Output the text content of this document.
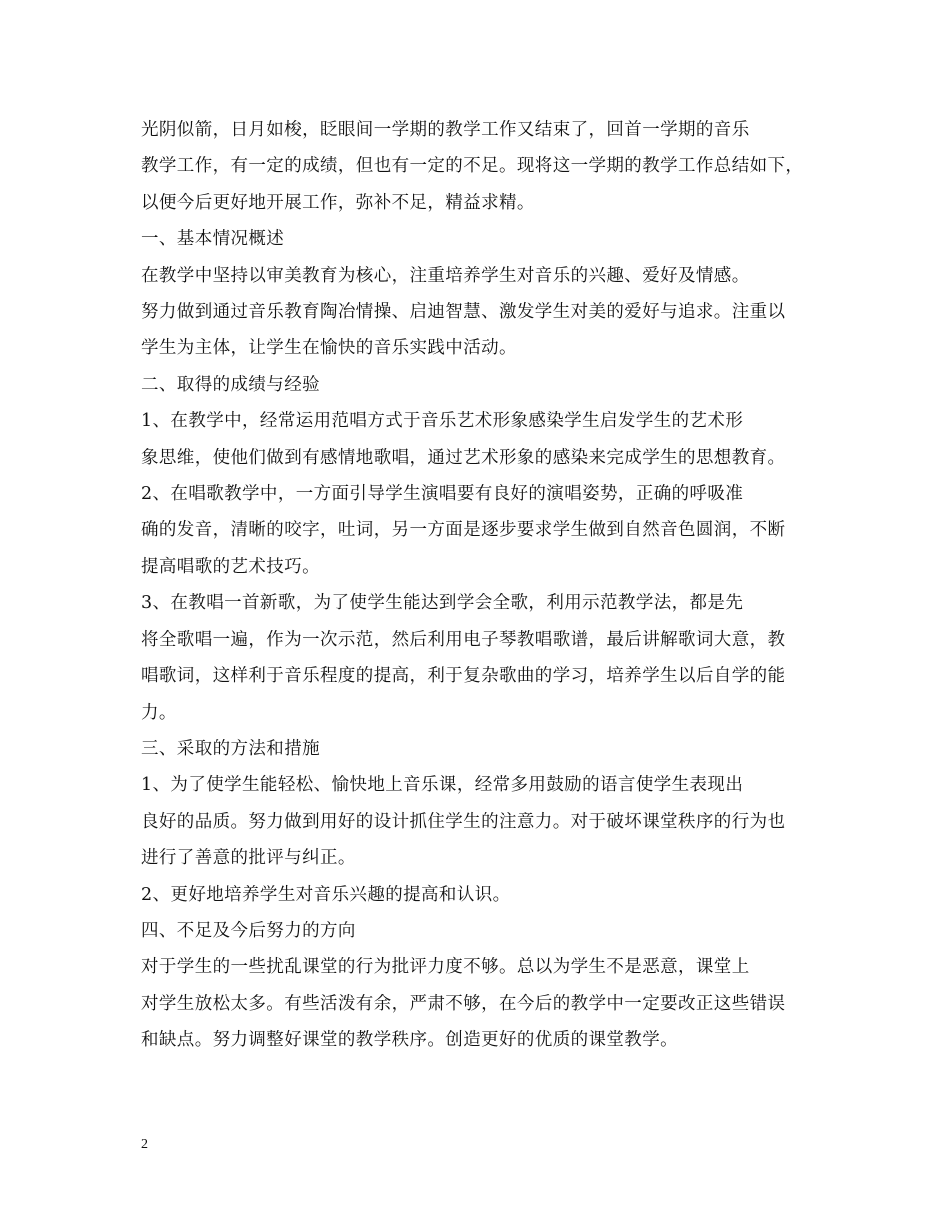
光阴似箭，日月如梭，眨眼间一学期的教学工作又结束了，回首一学期的音乐
教学工作，有一定的成绩，但也有一定的不足。现将这一学期的教学工作总结如下，
以便今后更好地开展工作，弥补不足，精益求精。

一、基本情况概述

在教学中坚持以审美教育为核心，注重培养学生对音乐的兴趣、爱好及情感。
努力做到通过音乐教育陶冶情操、启迪智慧、激发学生对美的爱好与追求。注重以
学生为主体，让学生在愉快的音乐实践中活动。

二、取得的成绩与经验

1、在教学中，经常运用范唱方式于音乐艺术形象感染学生启发学生的艺术形
象思维，使他们做到有感情地歌唱，通过艺术形象的感染来完成学生的思想教育。

2、在唱歌教学中，一方面引导学生演唱要有良好的演唱姿势，正确的呼吸准
确的发音，清晰的咬字，吐词，另一方面是逐步要求学生做到自然音色圆润，不断
提高唱歌的艺术技巧。

3、在教唱一首新歌，为了使学生能达到学会全歌，利用示范教学法，都是先
将全歌唱一遍，作为一次示范，然后利用电子琴教唱歌谱，最后讲解歌词大意，教
唱歌词，这样利于音乐程度的提高，利于复杂歌曲的学习，培养学生以后自学的能
力。

三、采取的方法和措施

1、为了使学生能轻松、愉快地上音乐课，经常多用鼓励的语言使学生表现出
良好的品质。努力做到用好的设计抓住学生的注意力。对于破坏课堂秩序的行为也
进行了善意的批评与纠正。

2、更好地培养学生对音乐兴趣的提高和认识。

四、不足及今后努力的方向

对于学生的一些扰乱课堂的行为批评力度不够。总以为学生不是恶意，课堂上
对学生放松太多。有些活泼有余，严肃不够，在今后的教学中一定要改正这些错误
和缺点。努力调整好课堂的教学秩序。创造更好的优质的课堂教学。

2
